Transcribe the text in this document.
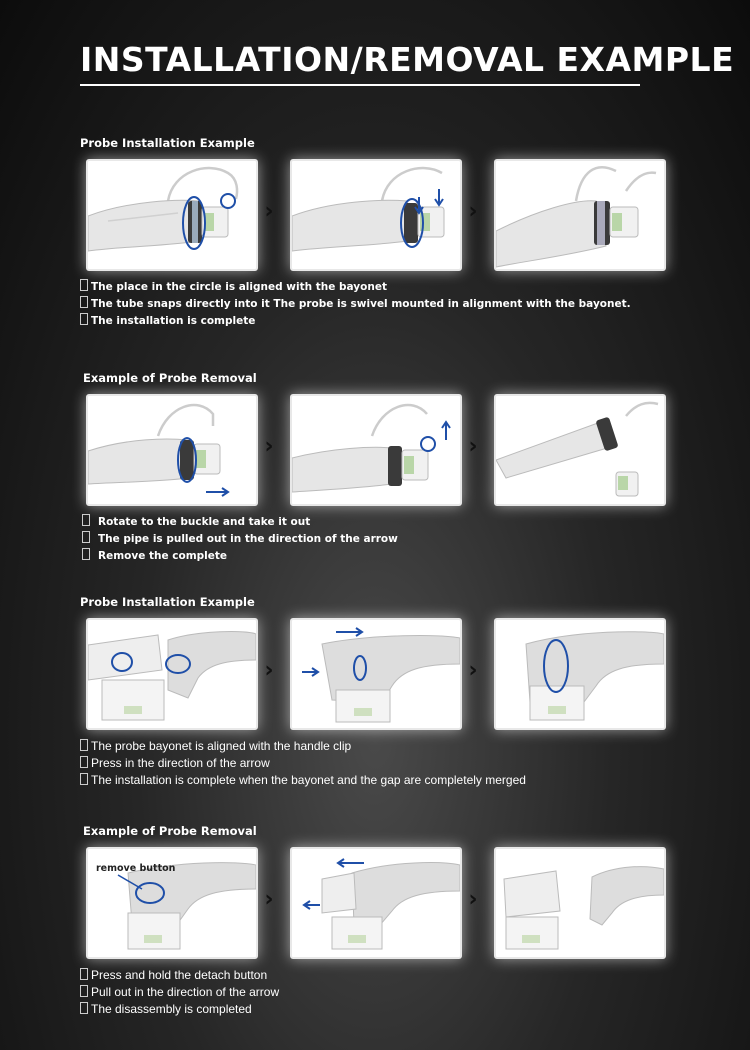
INSTALLATION/REMOVAL EXAMPLE
Probe Installation Example
›	›
The place in the circle is aligned with the bayonet
The tube snaps directly into it The probe is swivel mounted in alignment with the bayonet.
The installation is complete
Example of Probe Removal
›	›
Rotate to the buckle and take it out
The pipe is pulled out in the direction of the arrow
Remove the complete
Probe Installation Example
›	›
The probe bayonet is aligned with the handle clip
Press in the direction of the arrow
The installation is complete when the bayonet and the gap are completely merged
Example of Probe Removal
remove button
›	›
Press and hold the detach button
Pull out in the direction of the arrow
The disassembly is completed
